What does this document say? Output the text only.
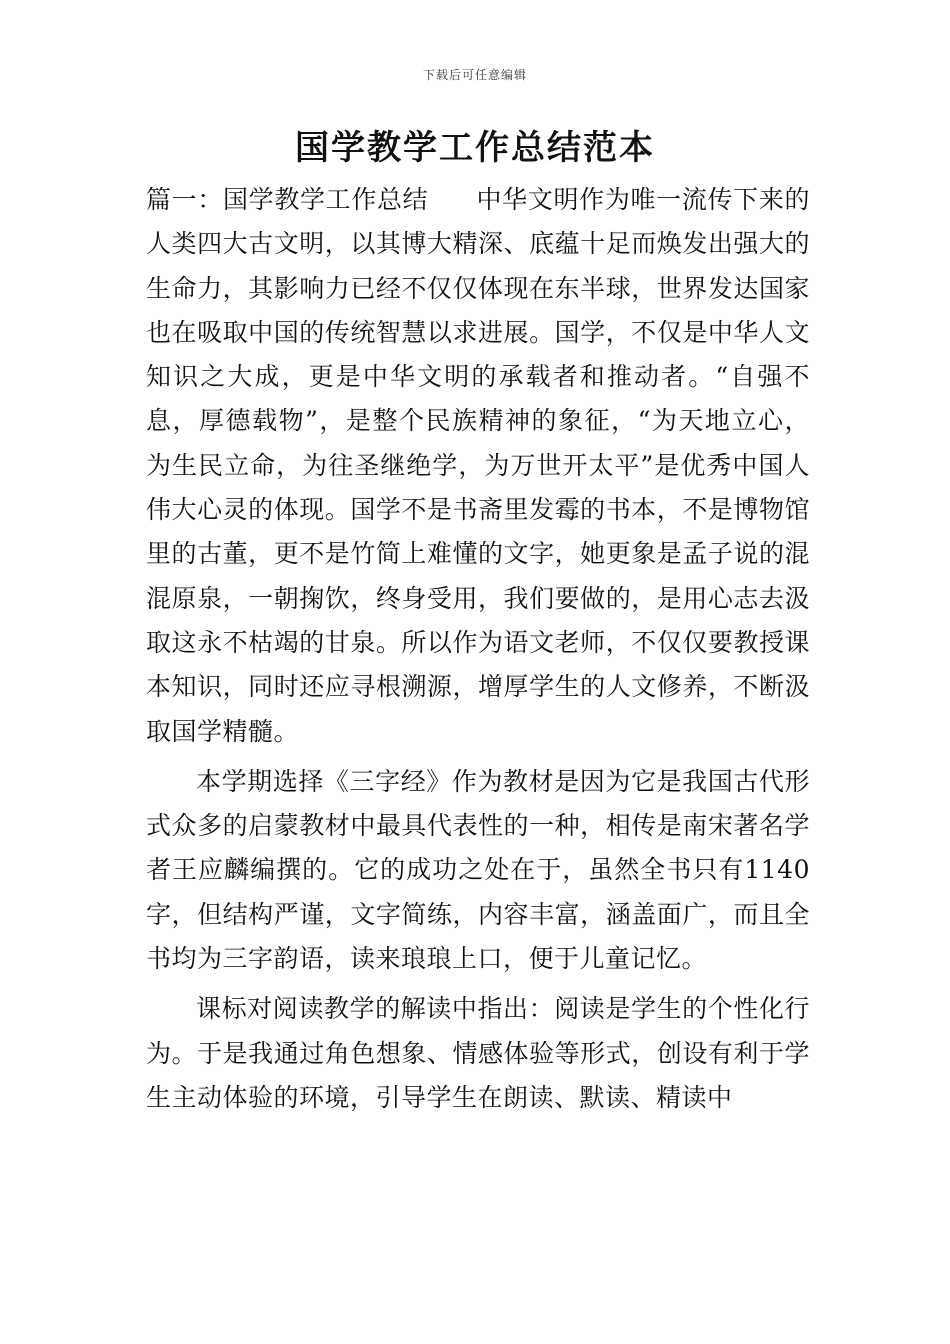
下载后可任意编辑
国学教学工作总结范本

篇一：国学教学工作总结 中华文明作为唯一流传下来的人类四大古文明，以其博大精深、底蕴十足而焕发出强大的生命力，其影响力已经不仅仅体现在东半球，世界发达国家也在吸取中国的传统智慧以求进展。国学，不仅是中华人文知识之大成，更是中华文明的承载者和推动者。“自强不息，厚德载物”，是整个民族精神的象征，“为天地立心，为生民立命，为往圣继绝学，为万世开太平”是优秀中国人伟大心灵的体现。国学不是书斋里发霉的书本，不是博物馆里的古董，更不是竹简上难懂的文字，她更象是孟子说的混混原泉，一朝掬饮，终身受用，我们要做的，是用心志去汲取这永不枯竭的甘泉。所以作为语文老师，不仅仅要教授课本知识，同时还应寻根溯源，增厚学生的人文修养，不断汲取国学精髓。

本学期选择《三字经》作为教材是因为它是我国古代形式众多的启蒙教材中最具代表性的一种，相传是南宋著名学者王应麟编撰的。它的成功之处在于，虽然全书只有1140字，但结构严谨，文字简练，内容丰富，涵盖面广，而且全书均为三字韵语，读来琅琅上口，便于儿童记忆。

课标对阅读教学的解读中指出：阅读是学生的个性化行为。于是我通过角色想象、情感体验等形式，创设有利于学生主动体验的环境，引导学生在朗读、默读、精读中
